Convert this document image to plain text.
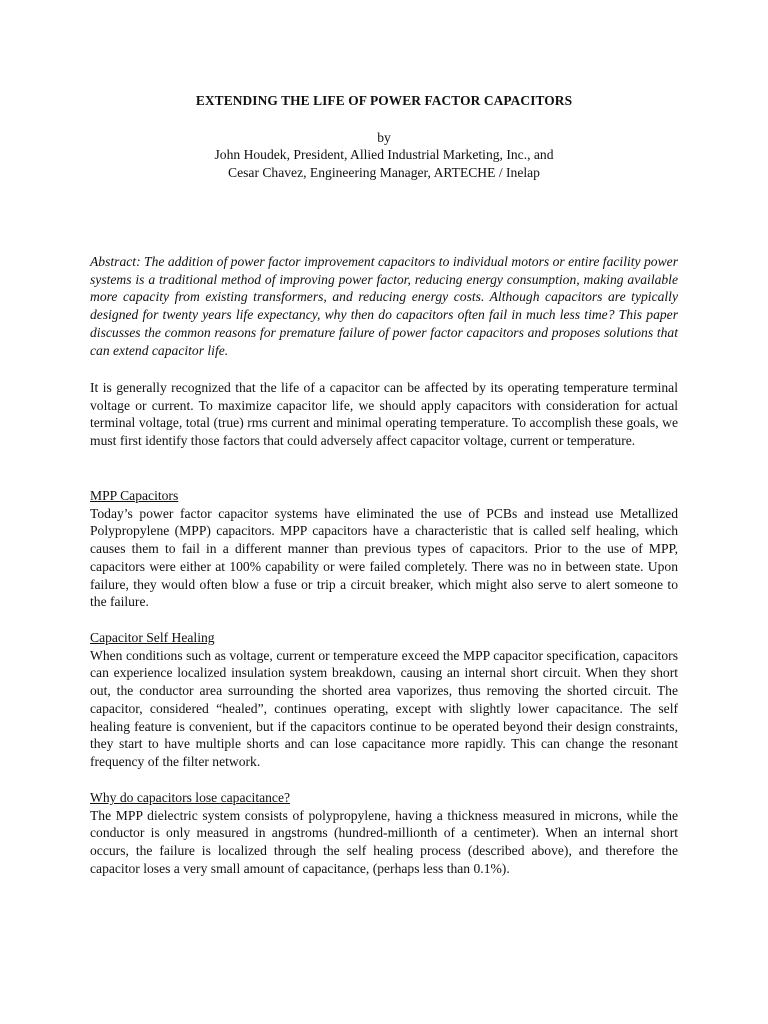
EXTENDING THE LIFE OF POWER FACTOR CAPACITORS
by
John Houdek, President, Allied Industrial Marketing, Inc., and
Cesar Chavez, Engineering Manager, ARTECHE / Inelap

Abstract: The addition of power factor improvement capacitors to individual motors or entire facility power systems is a traditional method of improving power factor, reducing energy consumption, making available more capacity from existing transformers, and reducing energy costs. Although capacitors are typically designed for twenty years life expectancy, why then do capacitors often fail in much less time? This paper discusses the common reasons for premature failure of power factor capacitors and proposes solutions that can extend capacitor life.

It is generally recognized that the life of a capacitor can be affected by its operating temperature terminal voltage or current. To maximize capacitor life, we should apply capacitors with consideration for actual terminal voltage, total (true) rms current and minimal operating temperature. To accomplish these goals, we must first identify those factors that could adversely affect capacitor voltage, current or temperature.

MPP Capacitors

Today’s power factor capacitor systems have eliminated the use of PCBs and instead use Metallized Polypropylene (MPP) capacitors. MPP capacitors have a characteristic that is called self healing, which causes them to fail in a different manner than previous types of capacitors. Prior to the use of MPP, capacitors were either at 100% capability or were failed completely. There was no in between state. Upon failure, they would often blow a fuse or trip a circuit breaker, which might also serve to alert someone to the failure.

Capacitor Self Healing

When conditions such as voltage, current or temperature exceed the MPP capacitor specification, capacitors can experience localized insulation system breakdown, causing an internal short circuit. When they short out, the conductor area surrounding the shorted area vaporizes, thus removing the shorted circuit. The capacitor, considered “healed”, continues operating, except with slightly lower capacitance. The self healing feature is convenient, but if the capacitors continue to be operated beyond their design constraints, they start to have multiple shorts and can lose capacitance more rapidly. This can change the resonant frequency of the filter network.

Why do capacitors lose capacitance?

The MPP dielectric system consists of polypropylene, having a thickness measured in microns, while the conductor is only measured in angstroms (hundred-millionth of a centimeter). When an internal short occurs, the failure is localized through the self healing process (described above), and therefore the capacitor loses a very small amount of capacitance, (perhaps less than 0.1%).
